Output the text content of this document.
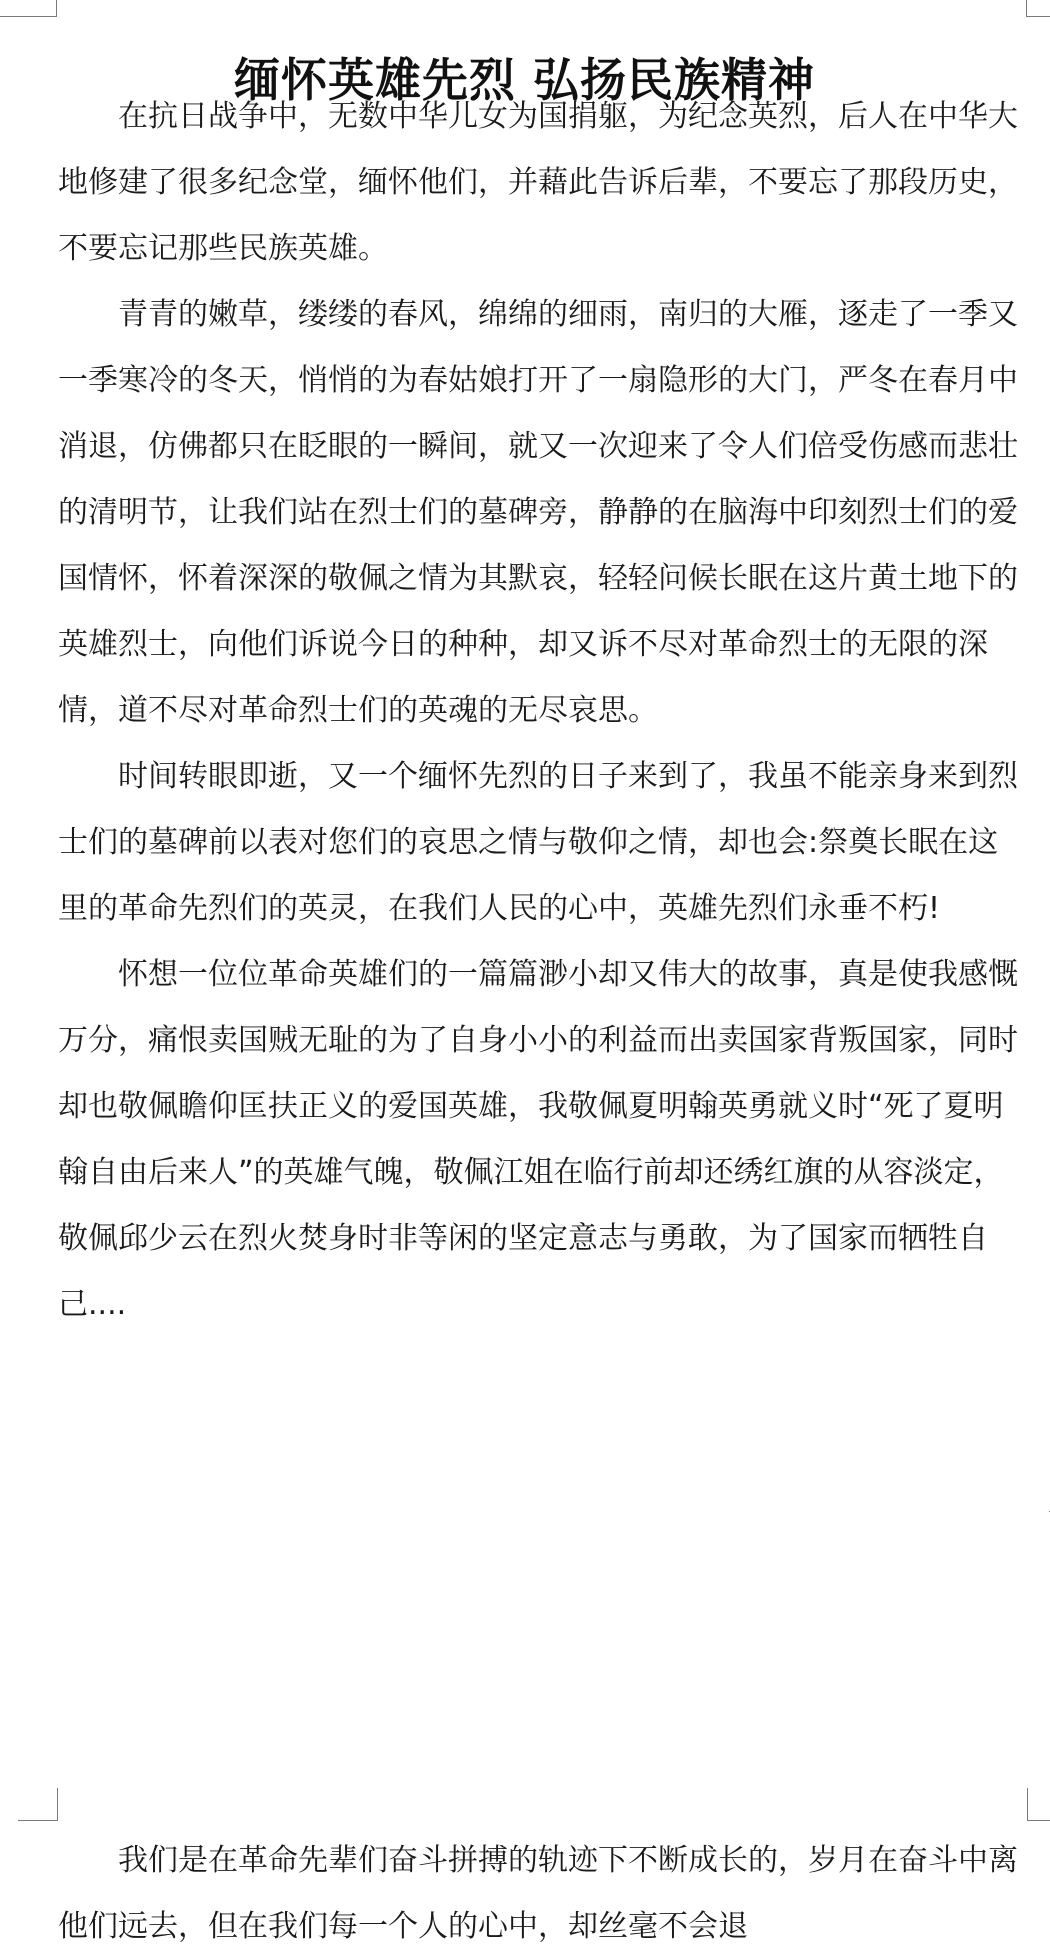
缅怀英雄先烈 弘扬民族精神

在抗日战争中，无数中华儿女为国捐躯，为纪念英烈，后人在中华大地修建了很多纪念堂，缅怀他们，并藉此告诉后辈，不要忘了那段历史，不要忘记那些民族英雄。

青青的嫩草，缕缕的春风，绵绵的细雨，南归的大雁，逐走了一季又一季寒冷的冬天，悄悄的为春姑娘打开了一扇隐形的大门，严冬在春月中消退，仿佛都只在眨眼的一瞬间，就又一次迎来了令人们倍受伤感而悲壮的清明节，让我们站在烈士们的墓碑旁，静静的在脑海中印刻烈士们的爱国情怀，怀着深深的敬佩之情为其默哀，轻轻问候长眠在这片黄土地下的英雄烈士，向他们诉说今日的种种，却又诉不尽对革命烈士的无限的深情，道不尽对革命烈士们的英魂的无尽哀思。

时间转眼即逝，又一个缅怀先烈的日子来到了，我虽不能亲身来到烈士们的墓碑前以表对您们的哀思之情与敬仰之情，却也会:祭奠长眠在这里的革命先烈们的英灵，在我们人民的心中，英雄先烈们永垂不朽!

怀想一位位革命英雄们的一篇篇渺小却又伟大的故事，真是使我感慨万分，痛恨卖国贼无耻的为了自身小小的利益而出卖国家背叛国家，同时却也敬佩瞻仰匡扶正义的爱国英雄，我敬佩夏明翰英勇就义时“死了夏明翰自由后来人”的英雄气魄，敬佩江姐在临行前却还绣红旗的从容淡定，敬佩邱少云在烈火焚身时非等闲的坚定意志与勇敢，为了国家而牺牲自己....

我们是在革命先辈们奋斗拼搏的轨迹下不断成长的，岁月在奋斗中离他们远去，但在我们每一个人的心中，却丝毫不会退
